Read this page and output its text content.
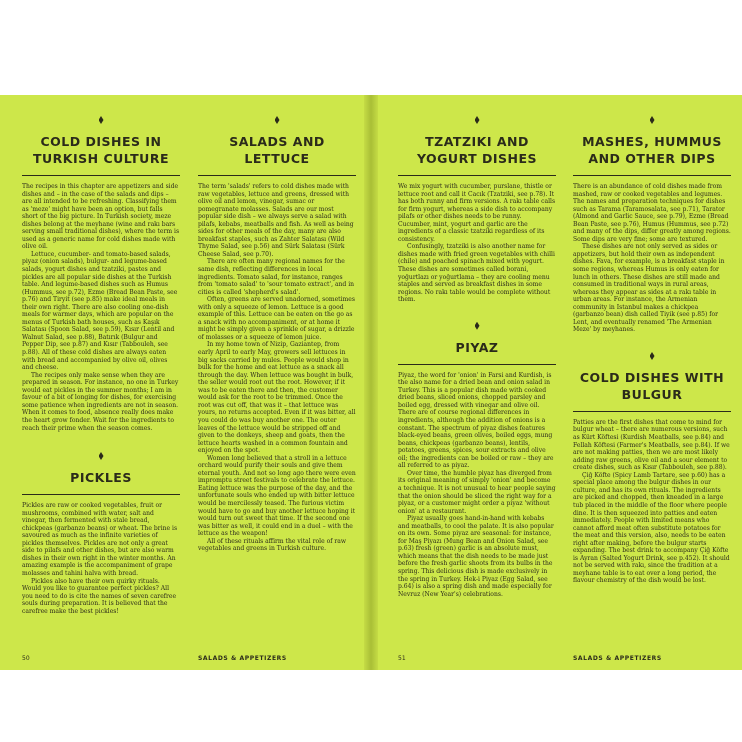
COLD DISHES IN TURKISH CULTURE

The recipes in this chapter are appetizers and side dishes and – in the case of the salads and dips – are all intended to be refreshing. Classifying them as 'meze' might have been an option, but falls short of the big picture. In Turkish society, meze dishes belong at the meyhane (wine and rakı bars serving small traditional dishes), where the term is used as a generic name for cold dishes made with olive oil.

Lettuce, cucumber- and tomato-based salads, piyaz (onion salads), bulgur- and legume-based salads, yogurt dishes and tzatziki, pastes and pickles are all popular side dishes at the Turkish table. And legume-based dishes such as Humus (Hummus, see p.72), Ezme (Bread Bean Paste, see p.76) and Tiryit (see p.85) make ideal meals in their own right. There are also cooling one-dish meals for warmer days, which are popular on the menus of Turkish bath houses, such as Kaşık Salatası (Spoon Salad, see p.59), Kısır (Lentil and Walnut Salad, see p.88), Batırık (Bulgur and Pepper Dip, see p.87) and Kısır (Tabbouleh, see p.88). All of these cold dishes are always eaten with bread and accompanied by olive oil, olives and cheese.

The recipes only make sense when they are prepared in season. For instance, no one in Turkey would eat pickles in the summer months; I am in favour of a bit of longing for dishes, for exercising some patience when ingredients are not in season. When it comes to food, absence really does make the heart grow fonder. Wait for the ingredients to reach their prime when the season comes.

PICKLES

Pickles are raw or cooked vegetables, fruit or mushrooms, combined with water, salt and vinegar, then fermented with stale bread, chickpeas (garbanzo beans) or wheat. The brine is savoured as much as the infinite varieties of pickles themselves. Pickles are not only a great side to pilafs and other dishes, but are also warm dishes in their own right in the winter months. An amazing example is the accompaniment of grape molasses and tahini halva with bread.

Pickles also have their own quirky rituals. Would you like to guarantee perfect pickles? All you need to do is cite the names of seven carefree souls during preparation. It is believed that the carefree make the best pickles!

SALADS AND LETTUCE

The term 'salads' refers to cold dishes made with raw vegetables, lettuce and greens, dressed with olive oil and lemon, vinegar, sumac or pomegranate molasses. Salads are our most popular side dish – we always serve a salad with pilafs, kebabs, meatballs and fish. As well as being sides for other meals of the day, many are also breakfast staples, such as Zahter Salatası (Wild Thyme Salad, see p.56) and Sürk Salatası (Sürk Cheese Salad, see p.70).

There are often many regional names for the same dish, reflecting differences in local ingredients. Tomato salad, for instance, ranges from 'tomato salad' to 'sour tomato extract', and in cities is called 'shepherd's salad'.

Often, greens are served unadorned, sometimes with only a squeeze of lemon. Lettuce is a good example of this. Lettuce can be eaten on the go as a snack with no accompaniment, or at home it might be simply given a sprinkle of sugar, a drizzle of molasses or a squeeze of lemon juice.

In my home town of Nizip, Gaziantep, from early April to early May, growers sell lettuces in big sacks carried by mules. People would shop in bulk for the home and eat lettuce as a snack all through the day. When lettuce was bought in bulk, the seller would root out the root. However, if it was to be eaten there and then, the customer would ask for the root to be trimmed. Once the root was cut off, that was it – that lettuce was yours, no returns accepted. Even if it was bitter, all you could do was buy another one. The outer leaves of the lettuce would be stripped off and given to the donkeys, sheep and goats, then the lettuce hearts washed in a common fountain and enjoyed on the spot.

Women long believed that a stroll in a lettuce orchard would purify their souls and give them eternal youth. And not so long ago there were even impromptu street festivals to celebrate the lettuce. Eating lettuce was the purpose of the day, and the unfortunate souls who ended up with bitter lettuce would be mercilessly teased. The furious victim would have to go and buy another lettuce hoping it would turn out sweet that time. If the second one was bitter as well, it could end in a duel – with the lettuce as the weapon!

All of these rituals affirm the vital role of raw vegetables and greens in Turkish culture.

TZATZIKI AND YOGURT DISHES

We mix yogurt with cucumber, purslane, thistle or lettuce root and call it Cacık (Tzatziki, see p.78). It has both runny and firm versions. A rakı table calls for firm yogurt, whereas a side dish to accompany pilafs or other dishes needs to be runny. Cucumber, mint, yogurt and garlic are the ingredients of a classic tzatziki regardless of its consistency.

Confusingly, tzatziki is also another name for dishes made with fried green vegetables with chilli (chile) and poached spinach mixed with yogurt. These dishes are sometimes called borani, yoğurtlazı or yoğurtlama – they are cooling menu staples and served as breakfast dishes in some regions. No rakı table would be complete without them.

PIYAZ

Piyaz, the word for 'onion' in Farsi and Kurdish, is the also name for a dried bean and onion salad in Turkey. This is a popular dish made with cooked dried beans, sliced onions, chopped parsley and boiled egg, dressed with vinegar and olive oil. There are of course regional differences in ingredients, although the addition of onions is a constant. The spectrum of piyaz dishes features black-eyed beans, green olives, boiled eggs, mung beans, chickpeas (garbanzo beans), lentils, potatoes, greens, spices, sour extracts and olive oil; the ingredients can be boiled or raw – they are all referred to as piyaz.

Over time, the humble piyaz has diverged from its original meaning of simply 'onion' and become a technique. It is not unusual to hear people saying that the onion should be sliced the right way for a piyaz, or a customer might order a piyaz 'without onion' at a restaurant.

Piyaz usually goes hand-in-hand with kebabs and meatballs, to cool the palate. It is also popular on its own. Some piyaz are seasonal: for instance, for Maş Piyazı (Mung Bean and Onion Salad, see p.63) fresh (green) garlic is an absolute must, which means that the dish needs to be made just before the fresh garlic shoots from its bulbs in the spring. This delicious dish is made exclusively in the spring in Turkey. Hek-i Piyaz (Egg Salad, see p.64) is also a spring dish and made especially for Nevruz (New Year's) celebrations.

MASHES, HUMMUS AND OTHER DIPS

There is an abundance of cold dishes made from mashed, raw or cooked vegetables and legumes. The names and preparation techniques for dishes such as Tarama (Taramosalata, see p.71), Tarator (Almond and Garlic Sauce, see p.79), Ezme (Bread Bean Paste, see p.76), Humus (Hummus, see p.72) and many of the dips, differ greatly among regions. Some dips are very fine; some are textured.

These dishes are not only served as sides or appetizers, but hold their own as independent dishes. Fava, for example, is a breakfast staple in some regions, whereas Humus is only eaten for lunch in others. These dishes are still made and consumed in traditional ways in rural areas, whereas they appear as sides at a rakı table in urban areas. For instance, the Armenian community in Istanbul makes a chickpea (garbanzo bean) dish called Tiyik (see p.85) for Lent, and eventually renamed 'The Armenian Meze' by meyhanes.

COLD DISHES WITH BULGUR

Patties are the first dishes that come to mind for bulgur wheat – there are numerous versions, such as Kürt Köftesi (Kurdish Meatballs, see p.84) and Fellah Köftesi (Farmer's Meatballs, see p.84). If we are not making patties, then we are most likely adding raw greens, olive oil and a sour element to create dishes, such as Kısır (Tabbouleh, see p.88).

Çiğ Köfte (Spicy Lamb Tartare, see p.60) has a special place among the bulgur dishes in our culture, and has its own rituals. The ingredients are picked and chopped, then kneaded in a large tub placed in the middle of the floor where people dine. It is then squeezed into patties and eaten immediately. People with limited means who cannot afford meat often substitute potatoes for the meat and this version, also, needs to be eaten right after making, before the bulgur starts expanding. The best drink to accompany Çiğ Köfte is Ayran (Salted Yogurt Drink, see p.452). It should not be served with rakı, since the tradition at a meyhane table is to eat over a long period, the flavour chemistry of the dish would be lost.

50	SALADS & APPETIZERS	51	SALADS & APPETIZERS
